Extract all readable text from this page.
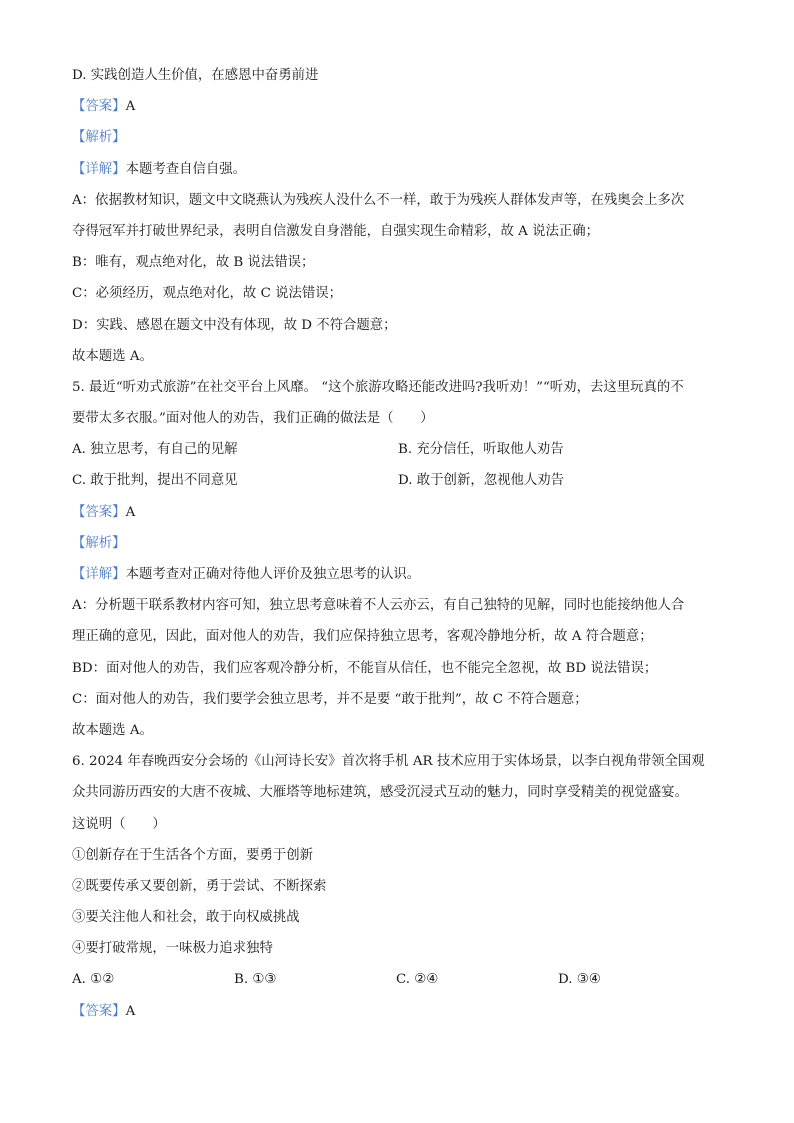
D. 实践创造人生价值，在感恩中奋勇前进
【答案】A
【解析】
【详解】本题考查自信自强。
A：依据教材知识，题文中文晓燕认为残疾人没什么不一样，敢于为残疾人群体发声等，在残奥会上多次
夺得冠军并打破世界纪录，表明自信激发自身潜能，自强实现生命精彩，故 A 说法正确；
B：唯有，观点绝对化，故 B 说法错误；
C：必须经历，观点绝对化，故 C 说法错误；
D：实践、感恩在题文中没有体现，故 D 不符合题意；
故本题选 A。
5. 最近“听劝式旅游”在社交平台上风靡。 “这个旅游攻略还能改进吗?我听劝！”“听劝，去这里玩真的不
要带太多衣服。”面对他人的劝告，我们正确的做法是（　　）
A. 独立思考，有自己的见解	B. 充分信任，听取他人劝告
C. 敢于批判，提出不同意见	D. 敢于创新，忽视他人劝告
【答案】A
【解析】
【详解】本题考查对正确对待他人评价及独立思考的认识。
A：分析题干联系教材内容可知，独立思考意味着不人云亦云，有自己独特的见解，同时也能接纳他人合
理正确的意见，因此，面对他人的劝告，我们应保持独立思考，客观冷静地分析，故 A 符合题意；
BD：面对他人的劝告，我们应客观冷静分析，不能盲从信任，也不能完全忽视，故 BD 说法错误；
C：面对他人的劝告，我们要学会独立思考，并不是要 “敢于批判”，故 C 不符合题意；
故本题选 A。
6. 2024 年春晚西安分会场的《山河诗长安》首次将手机 AR 技术应用于实体场景，以李白视角带领全国观
众共同游历西安的大唐不夜城、大雁塔等地标建筑，感受沉浸式互动的魅力，同时享受精美的视觉盛宴。
这说明（　　）
①创新存在于生活各个方面，要勇于创新
②既要传承又要创新，勇于尝试、不断探索
③要关注他人和社会，敢于向权威挑战
④要打破常规，一味极力追求独特
A. ①②	B. ①③	C. ②④	D. ③④
【答案】A
